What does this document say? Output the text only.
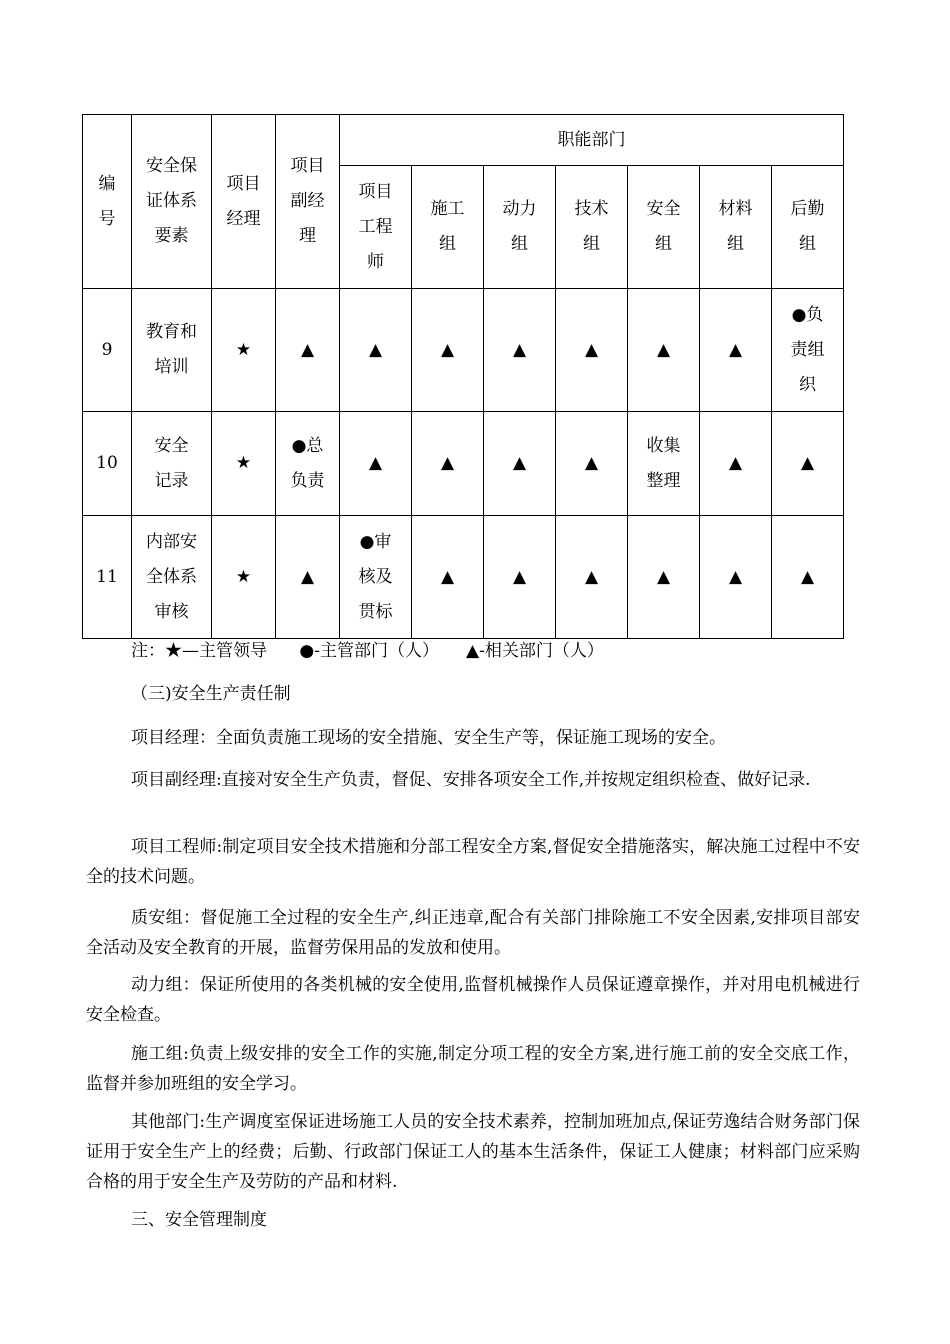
编号	安全保证体系要素	项目经理	项目副经理	职能部门						
				项目工程师	施工组	动力组	技术组	安全组	材料组	后勤组
9	教育和培训	★	▲	▲	▲	▲	▲	▲	▲	●负责组织
10	安全记录	★	●总负责	▲	▲	▲	▲	收集整理	▲	▲
11	内部安全体系审核	★	▲	●审核及贯标	▲	▲	▲	▲	▲	▲
注：★—主管领导      ●-主管部门（人）     ▲-相关部门（人）
（三)安全生产责任制

项目经理：全面负责施工现场的安全措施、安全生产等，保证施工现场的安全。

项目副经理:直接对安全生产负责，督促、安排各项安全工作,并按规定组织检查、做好记录.

项目工程师:制定项目安全技术措施和分部工程安全方案,督促安全措施落实，解决施工过程中不安全的技术问题。

质安组：督促施工全过程的安全生产,纠正违章,配合有关部门排除施工不安全因素,安排项目部安全活动及安全教育的开展，监督劳保用品的发放和使用。

动力组：保证所使用的各类机械的安全使用,监督机械操作人员保证遵章操作，并对用电机械进行安全检查。

施工组:负责上级安排的安全工作的实施,制定分项工程的安全方案,进行施工前的安全交底工作，监督并参加班组的安全学习。

其他部门:生产调度室保证进场施工人员的安全技术素养，控制加班加点,保证劳逸结合财务部门保证用于安全生产上的经费；后勤、行政部门保证工人的基本生活条件，保证工人健康；材料部门应采购合格的用于安全生产及劳防的产品和材料.

三、安全管理制度
